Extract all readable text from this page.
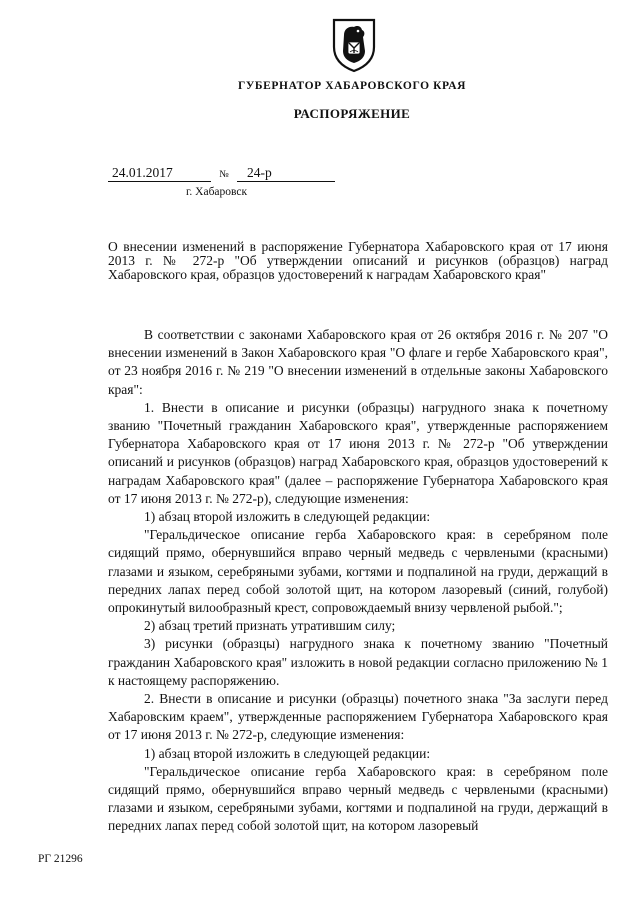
ГУБЕРНАТОР ХАБАРОВСКОГО КРАЯ
РАСПОРЯЖЕНИЕ
24.01.2017	№ 24-р
г. Хабаровск
О внесении изменений в распоряжение Губернатора Хабаровского края от 17 июня 2013 г. № 272-р "Об утверждении описаний и рисунков (образцов) наград Хабаровского края, образцов удостоверений к наградам Хабаровского края"

В соответствии с законами Хабаровского края от 26 октября 2016 г. № 207 "О внесении изменений в Закон Хабаровского края "О флаге и гербе Хабаровского края", от 23 ноября 2016 г. № 219 "О внесении изменений в отдельные законы Хабаровского края":

1. Внести в описание и рисунки (образцы) нагрудного знака к почетному званию "Почетный гражданин Хабаровского края", утвержденные распоряжением Губернатора Хабаровского края от 17 июня 2013 г. № 272-р "Об утверждении описаний и рисунков (образцов) наград Хабаровского края, образцов удостоверений к наградам Хабаровского края" (далее – распоряжение Губернатора Хабаровского края от 17 июня 2013 г. № 272-р), следующие изменения:

1) абзац второй изложить в следующей редакции:

"Геральдическое описание герба Хабаровского края: в серебряном поле сидящий прямо, обернувшийся вправо черный медведь с червлеными (красными) глазами и языком, серебряными зубами, когтями и подпалиной на груди, держащий в передних лапах перед собой золотой щит, на котором лазоревый (синий, голубой) опрокинутый вилообразный крест, сопровождаемый внизу червленой рыбой.";

2) абзац третий признать утратившим силу;

3) рисунки (образцы) нагрудного знака к почетному званию "Почетный гражданин Хабаровского края" изложить в новой редакции согласно приложению № 1 к настоящему распоряжению.

2. Внести в описание и рисунки (образцы) почетного знака "За заслуги перед Хабаровским краем", утвержденные распоряжением Губернатора Хабаровского края от 17 июня 2013 г. № 272-р, следующие изменения:

1) абзац второй изложить в следующей редакции:

"Геральдическое описание герба Хабаровского края: в серебряном поле сидящий прямо, обернувшийся вправо черный медведь с червлеными (красными) глазами и языком, серебряными зубами, когтями и подпалиной на груди, держащий в передних лапах перед собой золотой щит, на котором лазоревый

РГ 21296
